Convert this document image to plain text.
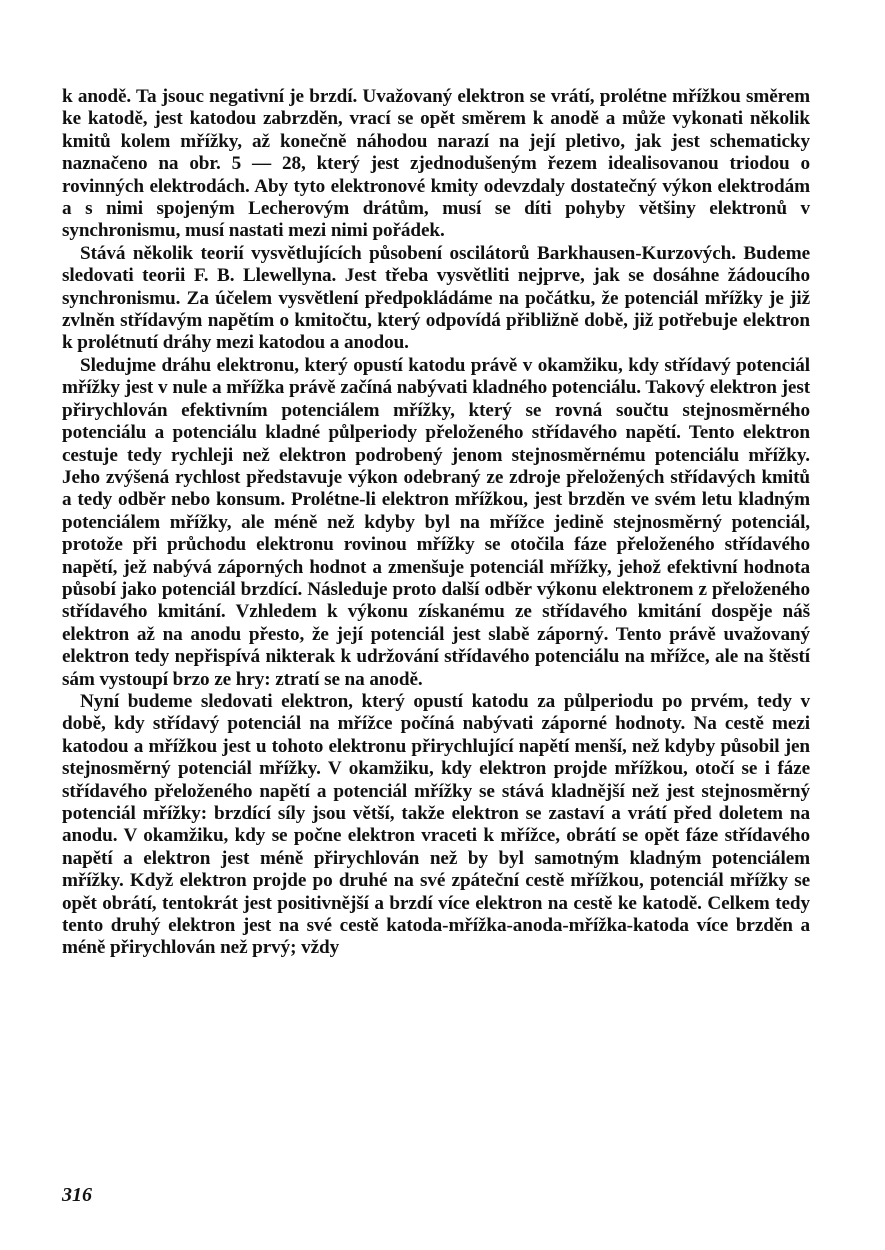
k anodě. Ta jsouc negativní je brzdí. Uvažovaný elektron se vrátí, prolétne mřížkou směrem ke katodě, jest katodou zabrzděn, vrací se opět směrem k anodě a může vykonati několik kmitů kolem mřížky, až konečně náhodou narazí na její pletivo, jak jest schematicky naznačeno na obr. 5 — 28, který jest zjednodušeným řezem idealisovanou triodou o rovinných elektrodách. Aby tyto elektronové kmity odevzdaly dostatečný výkon elektrodám a s nimi spojeným Lecherovým drátům, musí se díti pohyby většiny elektronů v synchronismu, musí nastati mezi nimi pořádek.

Stává několik teorií vysvětlujících působení oscilátorů Barkhausen-Kurzových. Budeme sledovati teorii F. B. Llewellyna. Jest třeba vysvětliti nejprve, jak se dosáhne žádoucího synchronismu. Za účelem vysvětlení předpokládáme na počátku, že potenciál mřížky je již zvlněn střídavým napětím o kmitočtu, který odpovídá přibližně době, již potřebuje elektron k prolétnutí dráhy mezi katodou a anodou.

Sledujme dráhu elektronu, který opustí katodu právě v okamžiku, kdy střídavý potenciál mřížky jest v nule a mřížka právě začíná nabývati kladného potenciálu. Takový elektron jest přirychlován efektivním potenciálem mřížky, který se rovná součtu stejnosměrného potenciálu a potenciálu kladné půlperiody přeloženého střídavého napětí. Tento elektron cestuje tedy rychleji než elektron podrobený jenom stejnosměrnému potenciálu mřížky. Jeho zvýšená rychlost představuje výkon odebraný ze zdroje přeložených střídavých kmitů a tedy odběr nebo konsum. Prolétne-li elektron mřížkou, jest brzděn ve svém letu kladným potenciálem mřížky, ale méně než kdyby byl na mřížce jedině stejnosměrný potenciál, protože při průchodu elektronu rovinou mřížky se otočila fáze přeloženého střídavého napětí, jež nabývá záporných hodnot a zmenšuje potenciál mřížky, jehož efektivní hodnota působí jako potenciál brzdící. Následuje proto další odběr výkonu elektronem z přeloženého střídavého kmitání. Vzhledem k výkonu získanému ze střídavého kmitání dospěje náš elektron až na anodu přesto, že její potenciál jest slabě záporný. Tento právě uvažovaný elektron tedy nepřispívá nikterak k udržování střídavého potenciálu na mřížce, ale na štěstí sám vystoupí brzo ze hry: ztratí se na anodě.

Nyní budeme sledovati elektron, který opustí katodu za půlperiodu po prvém, tedy v době, kdy střídavý potenciál na mřížce počíná nabývati záporné hodnoty. Na cestě mezi katodou a mřížkou jest u tohoto elektronu přirychlující napětí menší, než kdyby působil jen stejnosměrný potenciál mřížky. V okamžiku, kdy elektron projde mřížkou, otočí se i fáze střídavého přeloženého napětí a potenciál mřížky se stává kladnější než jest stejnosměrný potenciál mřížky: brzdící síly jsou větší, takže elektron se zastaví a vrátí před doletem na anodu. V okamžiku, kdy se počne elektron vraceti k mřížce, obrátí se opět fáze střídavého napětí a elektron jest méně přirychlován než by byl samotným kladným potenciálem mřížky. Když elektron projde po druhé na své zpáteční cestě mřížkou, potenciál mřížky se opět obrátí, tentokrát jest positivnější a brzdí více elektron na cestě ke katodě. Celkem tedy tento druhý elektron jest na své cestě katoda-mřížka-anoda-mřížka-katoda více brzděn a méně přirychlován než prvý; vždy

316
